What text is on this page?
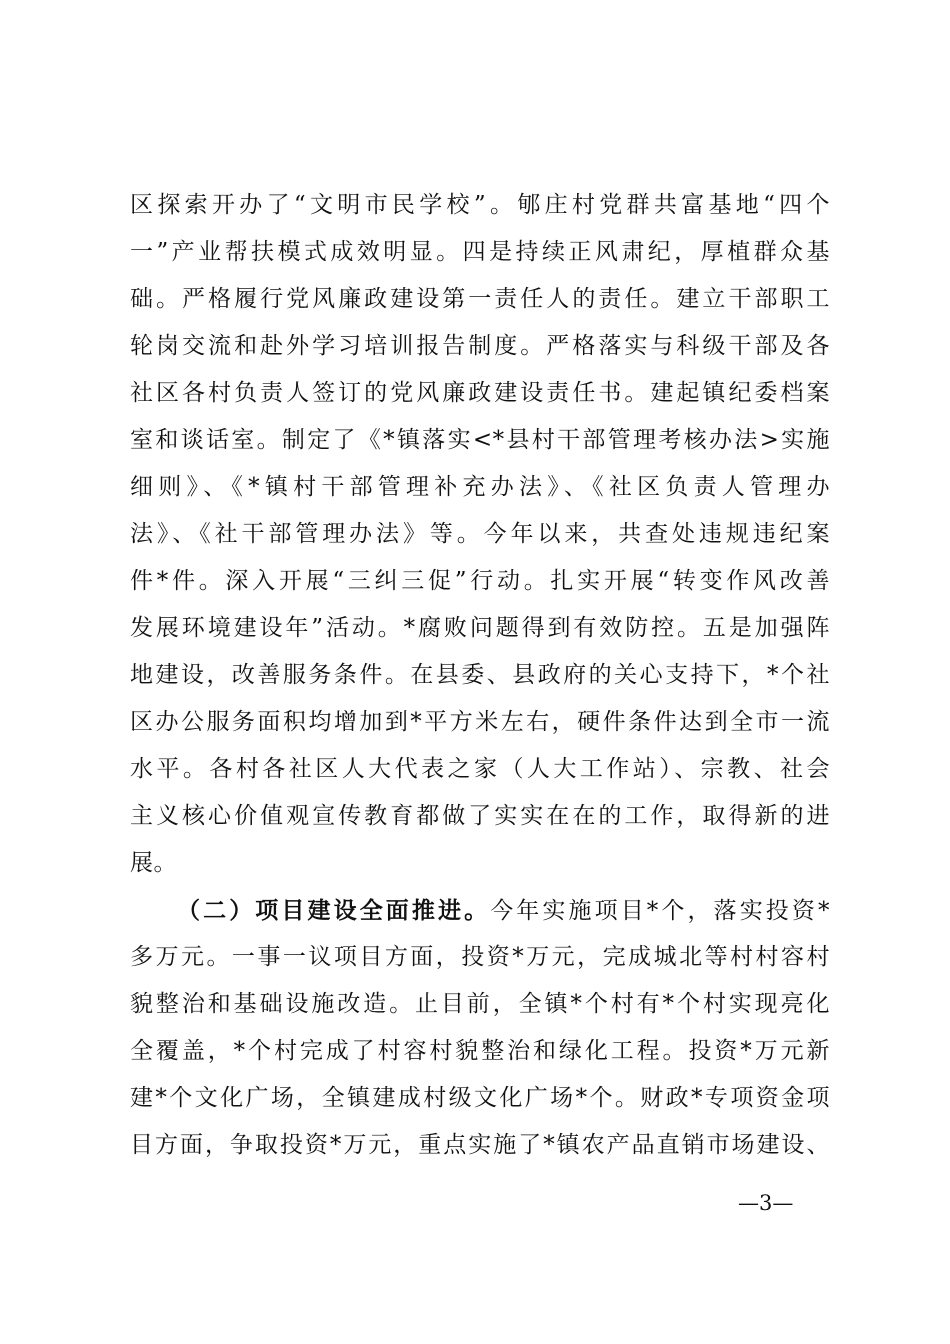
区探索开办了“文明市民学校”。郇庄村党群共富基地“四个
一”产业帮扶模式成效明显。四是持续正风肃纪，厚植群众基
础。严格履行党风廉政建设第一责任人的责任。建立干部职工
轮岗交流和赴外学习培训报告制度。严格落实与科级干部及各
社区各村负责人签订的党风廉政建设责任书。建起镇纪委档案
室和谈话室。制定了《*镇落实<*县村干部管理考核办法>实施
细则》、《*镇村干部管理补充办法》、《社区负责人管理办
法》、《社干部管理办法》等。今年以来，共查处违规违纪案
件*件。深入开展“三纠三促”行动。扎实开展“转变作风改善
发展环境建设年”活动。*腐败问题得到有效防控。五是加强阵
地建设，改善服务条件。在县委、县政府的关心支持下，*个社
区办公服务面积均增加到*平方米左右，硬件条件达到全市一流
水平。各村各社区人大代表之家（人大工作站）、宗教、社会
主义核心价值观宣传教育都做了实实在在的工作，取得新的进
展。
（二）项目建设全面推进。今年实施项目*个，落实投资*
多万元。一事一议项目方面，投资*万元，完成城北等村村容村
貌整治和基础设施改造。止目前，全镇*个村有*个村实现亮化
全覆盖，*个村完成了村容村貌整治和绿化工程。投资*万元新
建*个文化广场，全镇建成村级文化广场*个。财政*专项资金项
目方面，争取投资*万元，重点实施了*镇农产品直销市场建设、
—3—
